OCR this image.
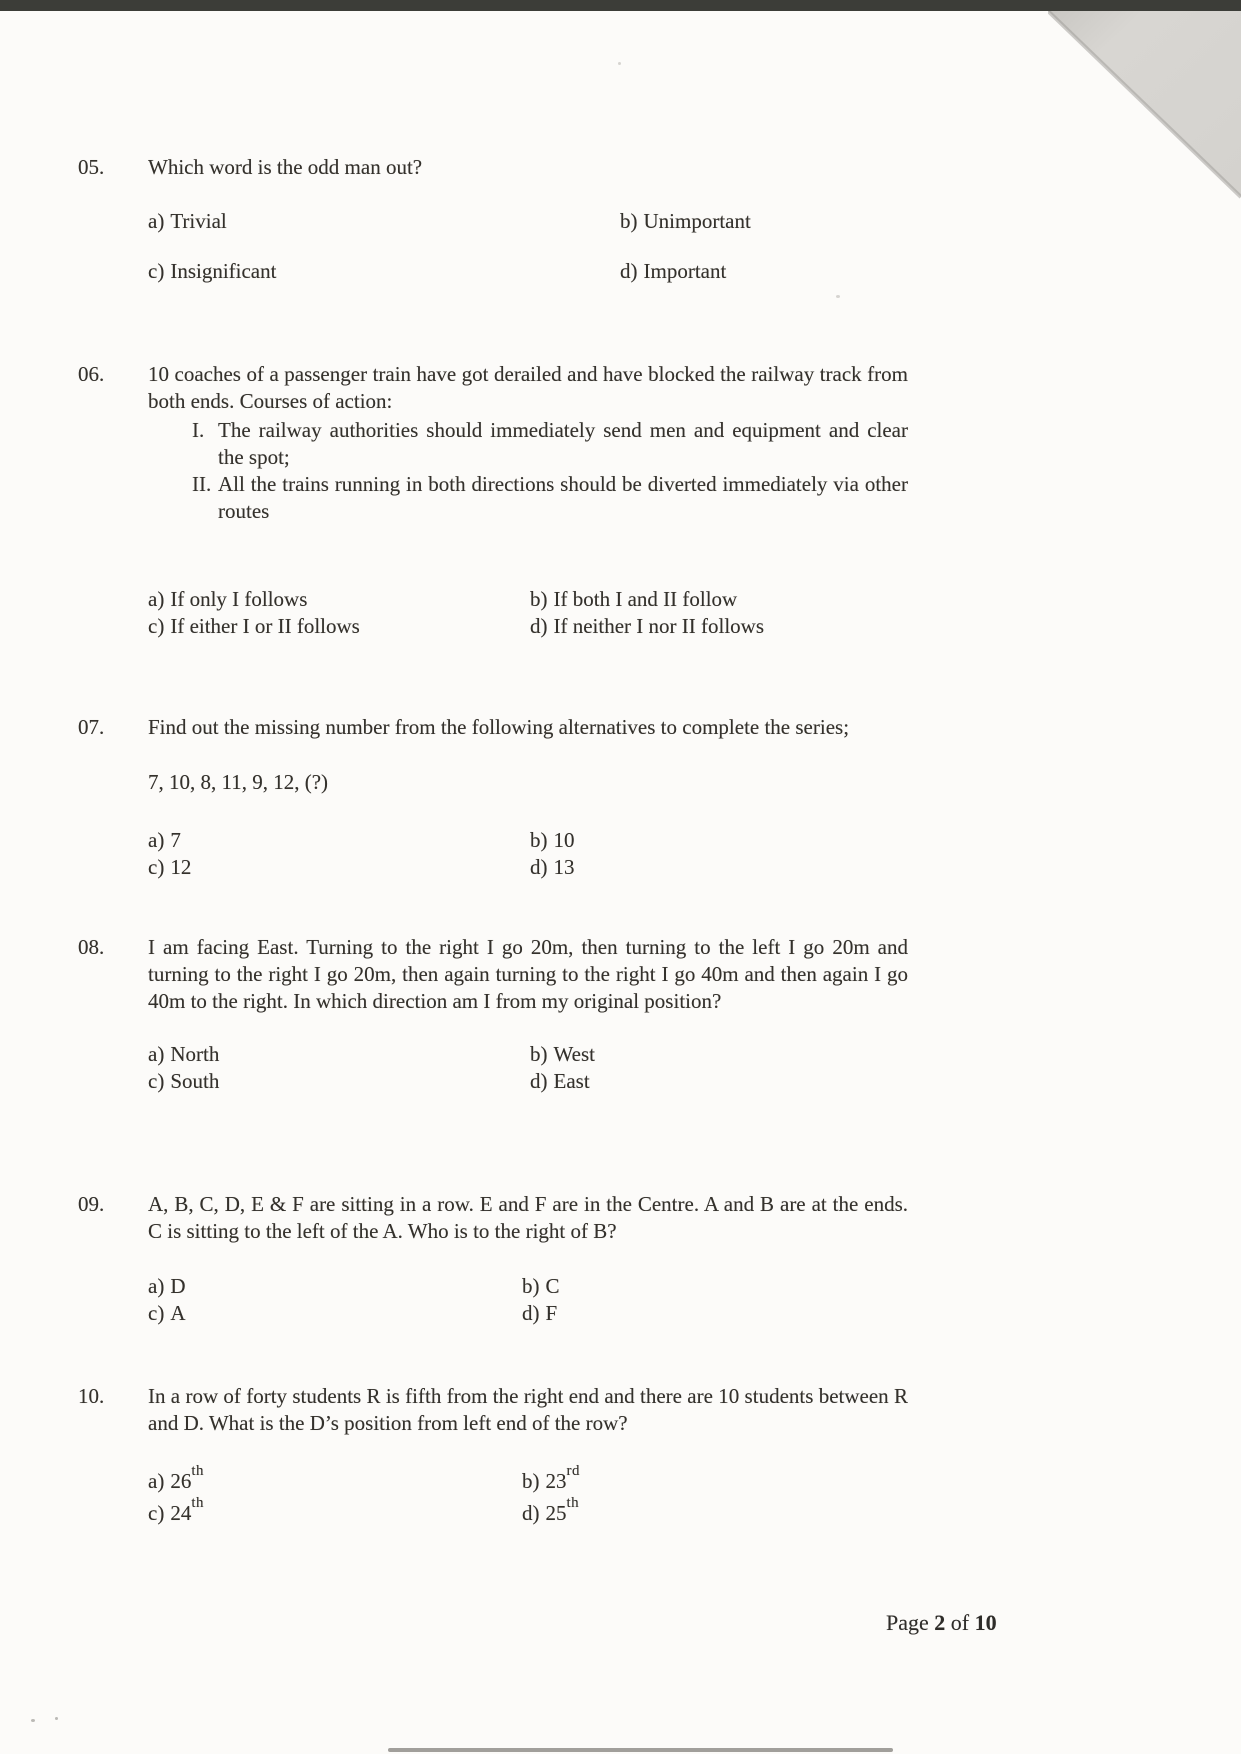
05.	Which word is the odd man out?

a) Trivial	b) Unimportant
c) Insignificant	d) Important
06.	10 coaches of a passenger train have got derailed and have blocked the railway track from both ends. Courses of action:

I. The railway authorities should immediately send men and equipment and clear the spot;
II. All the trains running in both directions should be diverted immediately via other routes
a) If only I follows	b) If both I and II follow
c) If either I or II follows	d) If neither I nor II follows
07.	Find out the missing number from the following alternatives to complete the series;

7, 10, 8, 11, 9, 12, (?)

a) 7	b) 10
c) 12	d) 13
08.	I am facing East. Turning to the right I go 20m, then turning to the left I go 20m and turning to the right I go 20m, then again turning to the right I go 40m and then again I go 40m to the right. In which direction am I from my original position?

a) North	b) West
c) South	d) East
09.	A, B, C, D, E & F are sitting in a row. E and F are in the Centre. A and B are at the ends. C is sitting to the left of the A. Who is to the right of B?

a) D	b) C
c) A	d) F
10.	In a row of forty students R is fifth from the right end and there are 10 students between R and D. What is the D’s position from left end of the row?

a) 26th	b) 23rd
c) 24th	d) 25th
Page 2 of 10
